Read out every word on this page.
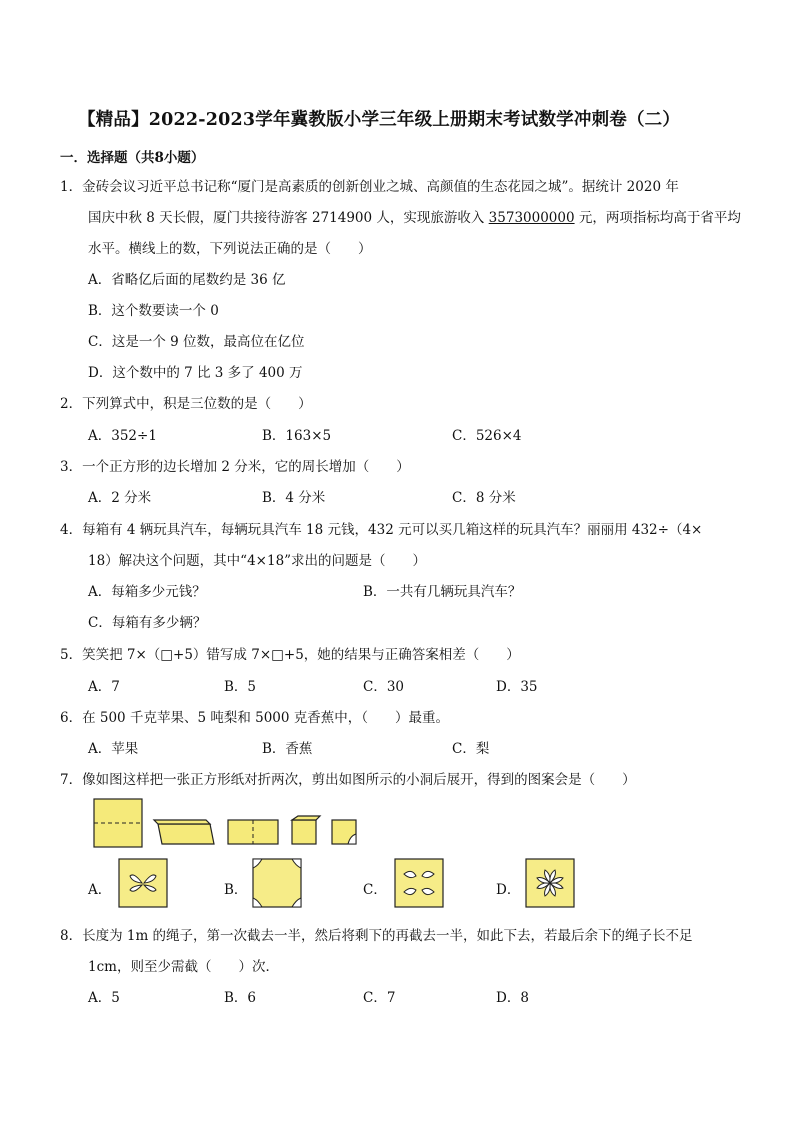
【精品】2022-2023学年冀教版小学三年级上册期末考试数学冲刺卷（二）
一．选择题（共8小题）
1．金砖会议习近平总书记称“厦门是高素质的创新创业之城、高颜值的生态花园之城”。据统计 2020 年
国庆中秋 8 天长假，厦门共接待游客 2714900 人，实现旅游收入 3573000000 元，两项指标均高于省平均
水平。横线上的数，下列说法正确的是（　　）
A．省略亿后面的尾数约是 36 亿
B．这个数要读一个 0
C．这是一个 9 位数，最高位在亿位
D．这个数中的 7 比 3 多了 400 万
2．下列算式中，积是三位数的是（　　）
A．352÷1	B．163×5	C．526×4
3．一个正方形的边长增加 2 分米，它的周长增加（　　）
A．2 分米	B．4 分米	C．8 分米
4．每箱有 4 辆玩具汽车，每辆玩具汽车 18 元钱，432 元可以买几箱这样的玩具汽车？丽丽用 432÷（4×
18）解决这个问题，其中“4×18”求出的问题是（　　）
A．每箱多少元钱？	B．一共有几辆玩具汽车？
C．每箱有多少辆？
5．笑笑把 7×（□+5）错写成 7×□+5，她的结果与正确答案相差（　　）
A．7	B．5	C．30	D．35
6．在 500 千克苹果、5 吨梨和 5000 克香蕉中，（　　）最重。
A．苹果	B．香蕉	C．梨
7．像如图这样把一张正方形纸对折两次，剪出如图所示的小洞后展开，得到的图案会是（　　）
A．	B．	C．	D．
8．长度为 1m 的绳子，第一次截去一半，然后将剩下的再截去一半，如此下去，若最后余下的绳子长不足
1cm，则至少需截（　　）次．
A．5	B．6	C．7	D．8
